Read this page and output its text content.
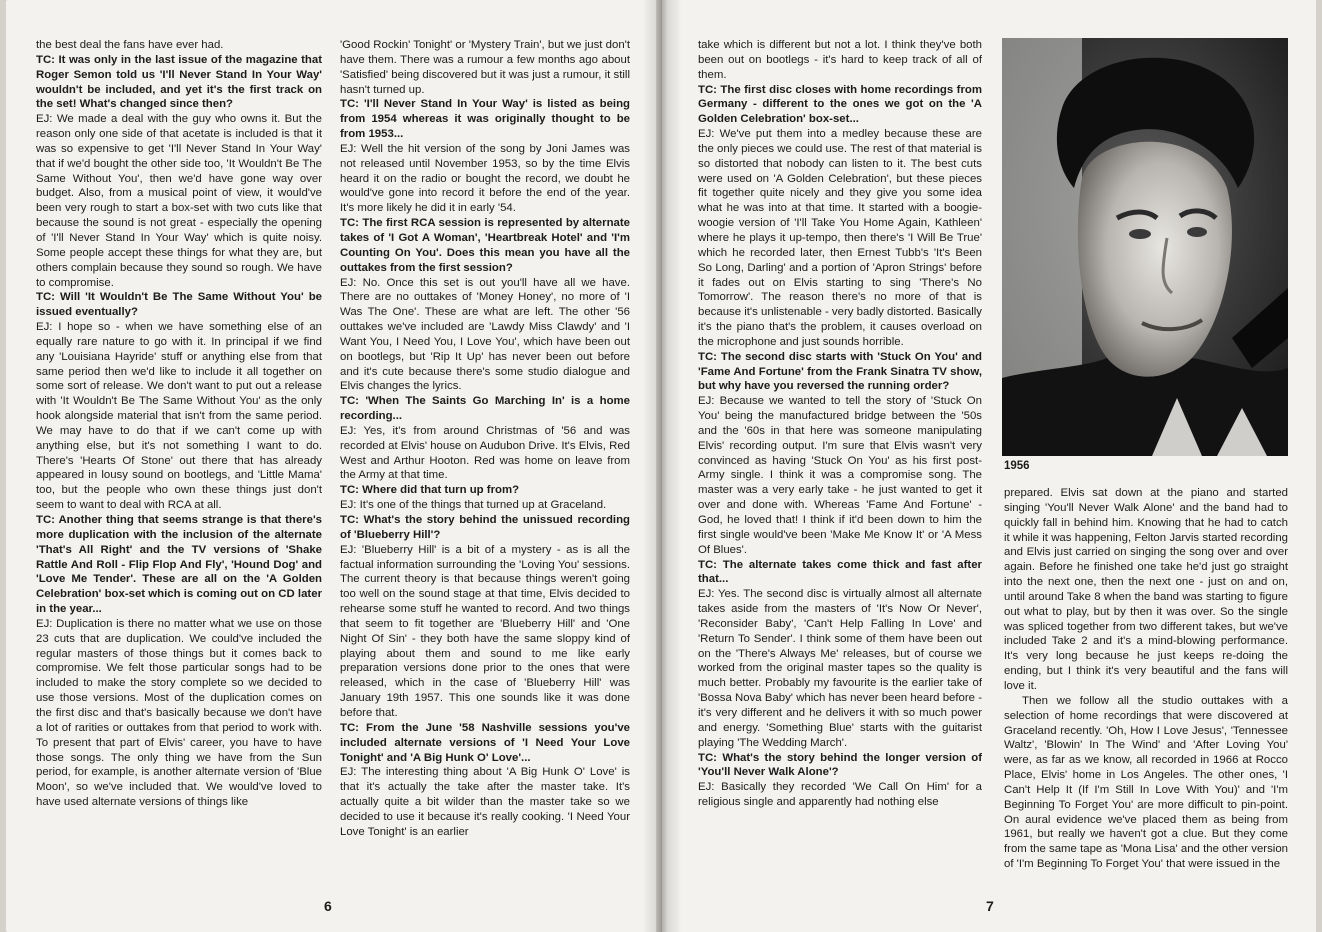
the best deal the fans have ever had.

TC: It was only in the last issue of the magazine that Roger Semon told us 'I'll Never Stand In Your Way' wouldn't be included, and yet it's the first track on the set! What's changed since then?

EJ: We made a deal with the guy who owns it. But the reason only one side of that acetate is included is that it was so expensive to get 'I'll Never Stand In Your Way' that if we'd bought the other side too, 'It Wouldn't Be The Same Without You', then we'd have gone way over budget. Also, from a musical point of view, it would've been very rough to start a box-set with two cuts like that because the sound is not great - especially the opening of 'I'll Never Stand In Your Way' which is quite noisy. Some people accept these things for what they are, but others complain because they sound so rough. We have to compromise.

TC: Will 'It Wouldn't Be The Same Without You' be issued eventually?

EJ: I hope so - when we have something else of an equally rare nature to go with it. In principal if we find any 'Louisiana Hayride' stuff or anything else from that same period then we'd like to include it all together on some sort of release. We don't want to put out a release with 'It Wouldn't Be The Same Without You' as the only hook alongside material that isn't from the same period. We may have to do that if we can't come up with anything else, but it's not something I want to do. There's 'Hearts Of Stone' out there that has already appeared in lousy sound on bootlegs, and 'Little Mama' too, but the people who own these things just don't seem to want to deal with RCA at all.

TC: Another thing that seems strange is that there's more duplication with the inclusion of the alternate 'That's All Right' and the TV versions of 'Shake Rattle And Roll - Flip Flop And Fly', 'Hound Dog' and 'Love Me Tender'. These are all on the 'A Golden Celebration' box-set which is coming out on CD later in the year...

EJ: Duplication is there no matter what we use on those 23 cuts that are duplication. We could've included the regular masters of those things but it comes back to compromise. We felt those particular songs had to be included to make the story complete so we decided to use those versions. Most of the duplication comes on the first disc and that's basically because we don't have a lot of rarities or outtakes from that period to work with. To present that part of Elvis' career, you have to have those songs. The only thing we have from the Sun period, for example, is another alternate version of 'Blue Moon', so we've included that. We would've loved to have used alternate versions of things like

'Good Rockin' Tonight' or 'Mystery Train', but we just don't have them. There was a rumour a few months ago about 'Satisfied' being discovered but it was just a rumour, it still hasn't turned up.

TC: 'I'll Never Stand In Your Way' is listed as being from 1954 whereas it was originally thought to be from 1953...

EJ: Well the hit version of the song by Joni James was not released until November 1953, so by the time Elvis heard it on the radio or bought the record, we doubt he would've gone into record it before the end of the year. It's more likely he did it in early '54.

TC: The first RCA session is represented by alternate takes of 'I Got A Woman', 'Heartbreak Hotel' and 'I'm Counting On You'. Does this mean you have all the outtakes from the first session?

EJ: No. Once this set is out you'll have all we have. There are no outtakes of 'Money Honey', no more of 'I Was The One'. These are what are left. The other '56 outtakes we've included are 'Lawdy Miss Clawdy' and 'I Want You, I Need You, I Love You', which have been out on bootlegs, but 'Rip It Up' has never been out before and it's cute because there's some studio dialogue and Elvis changes the lyrics.

TC: 'When The Saints Go Marching In' is a home recording...

EJ: Yes, it's from around Christmas of '56 and was recorded at Elvis' house on Audubon Drive. It's Elvis, Red West and Arthur Hooton. Red was home on leave from the Army at that time.

TC: Where did that turn up from?

EJ: It's one of the things that turned up at Graceland.

TC: What's the story behind the unissued recording of 'Blueberry Hill'?

EJ: 'Blueberry Hill' is a bit of a mystery - as is all the factual information surrounding the 'Loving You' sessions. The current theory is that because things weren't going too well on the sound stage at that time, Elvis decided to rehearse some stuff he wanted to record. And two things that seem to fit together are 'Blueberry Hill' and 'One Night Of Sin' - they both have the same sloppy kind of playing about them and sound to me like early preparation versions done prior to the ones that were released, which in the case of 'Blueberry Hill' was January 19th 1957. This one sounds like it was done before that.

TC: From the June '58 Nashville sessions you've included alternate versions of 'I Need Your Love Tonight' and 'A Big Hunk O' Love'...

EJ: The interesting thing about 'A Big Hunk O' Love' is that it's actually the take after the master take. It's actually quite a bit wilder than the master take so we decided to use it because it's really cooking. 'I Need Your Love Tonight' is an earlier

6

take which is different but not a lot. I think they've both been out on bootlegs - it's hard to keep track of all of them.

TC: The first disc closes with home recordings from Germany - different to the ones we got on the 'A Golden Celebration' box-set...

EJ: We've put them into a medley because these are the only pieces we could use. The rest of that material is so distorted that nobody can listen to it. The best cuts were used on 'A Golden Celebration', but these pieces fit together quite nicely and they give you some idea what he was into at that time. It started with a boogie-woogie version of 'I'll Take You Home Again, Kathleen' where he plays it up-tempo, then there's 'I Will Be True' which he recorded later, then Ernest Tubb's 'It's Been So Long, Darling' and a portion of 'Apron Strings' before it fades out on Elvis starting to sing 'There's No Tomorrow'. The reason there's no more of that is because it's unlistenable - very badly distorted. Basically it's the piano that's the problem, it causes overload on the microphone and just sounds horrible.

TC: The second disc starts with 'Stuck On You' and 'Fame And Fortune' from the Frank Sinatra TV show, but why have you reversed the running order?

EJ: Because we wanted to tell the story of 'Stuck On You' being the manufactured bridge between the '50s and the '60s in that here was someone manipulating Elvis' recording output. I'm sure that Elvis wasn't very convinced as having 'Stuck On You' as his first post-Army single. I think it was a compromise song. The master was a very early take - he just wanted to get it over and done with. Whereas 'Fame And Fortune' - God, he loved that! I think if it'd been down to him the first single would've been 'Make Me Know It' or 'A Mess Of Blues'.

TC: The alternate takes come thick and fast after that...

EJ: Yes. The second disc is virtually almost all alternate takes aside from the masters of 'It's Now Or Never', 'Reconsider Baby', 'Can't Help Falling In Love' and 'Return To Sender'. I think some of them have been out on the 'There's Always Me' releases, but of course we worked from the original master tapes so the quality is much better. Probably my favourite is the earlier take of 'Bossa Nova Baby' which has never been heard before - it's very different and he delivers it with so much power and energy. 'Something Blue' starts with the guitarist playing 'The Wedding March'.

TC: What's the story behind the longer version of 'You'll Never Walk Alone'?

EJ: Basically they recorded 'We Call On Him' for a religious single and apparently had nothing else

1956

prepared. Elvis sat down at the piano and started singing 'You'll Never Walk Alone' and the band had to quickly fall in behind him. Knowing that he had to catch it while it was happening, Felton Jarvis started recording and Elvis just carried on singing the song over and over again. Before he finished one take he'd just go straight into the next one, then the next one - just on and on, until around Take 8 when the band was starting to figure out what to play, but by then it was over. So the single was spliced together from two different takes, but we've included Take 2 and it's a mind-blowing performance. It's very long because he just keeps re-doing the ending, but I think it's very beautiful and the fans will love it.

Then we follow all the studio outtakes with a selection of home recordings that were discovered at Graceland recently. 'Oh, How I Love Jesus', 'Tennessee Waltz', 'Blowin' In The Wind' and 'After Loving You' were, as far as we know, all recorded in 1966 at Rocco Place, Elvis' home in Los Angeles. The other ones, 'I Can't Help It (If I'm Still In Love With You)' and 'I'm Beginning To Forget You' are more difficult to pin-point. On aural evidence we've placed them as being from 1961, but really we haven't got a clue. But they come from the same tape as 'Mona Lisa' and the other version of 'I'm Beginning To Forget You' that were issued in the

7
